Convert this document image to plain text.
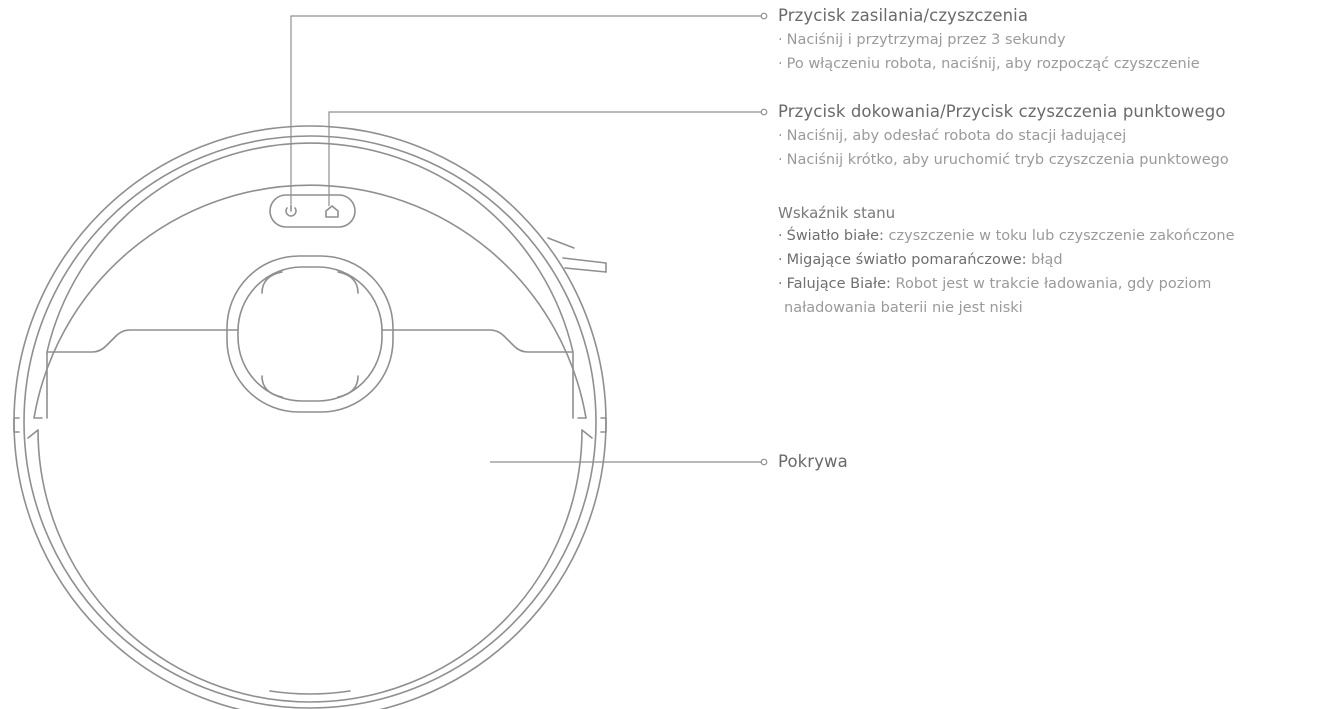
Przycisk zasilania/czyszczenia
· Naciśnij i przytrzymaj przez 3 sekundy
· Po włączeniu robota, naciśnij, aby rozpocząć czyszczenie
Przycisk dokowania/Przycisk czyszczenia punktowego
· Naciśnij, aby odesłać robota do stacji ładującej
· Naciśnij krótko, aby uruchomić tryb czyszczenia punktowego
Wskaźnik stanu
· Światło białe: czyszczenie w toku lub czyszczenie zakończone
· Migające światło pomarańczowe: błąd
· Falujące Białe: Robot jest w trakcie ładowania, gdy poziom
naładowania baterii nie jest niski
Pokrywa
